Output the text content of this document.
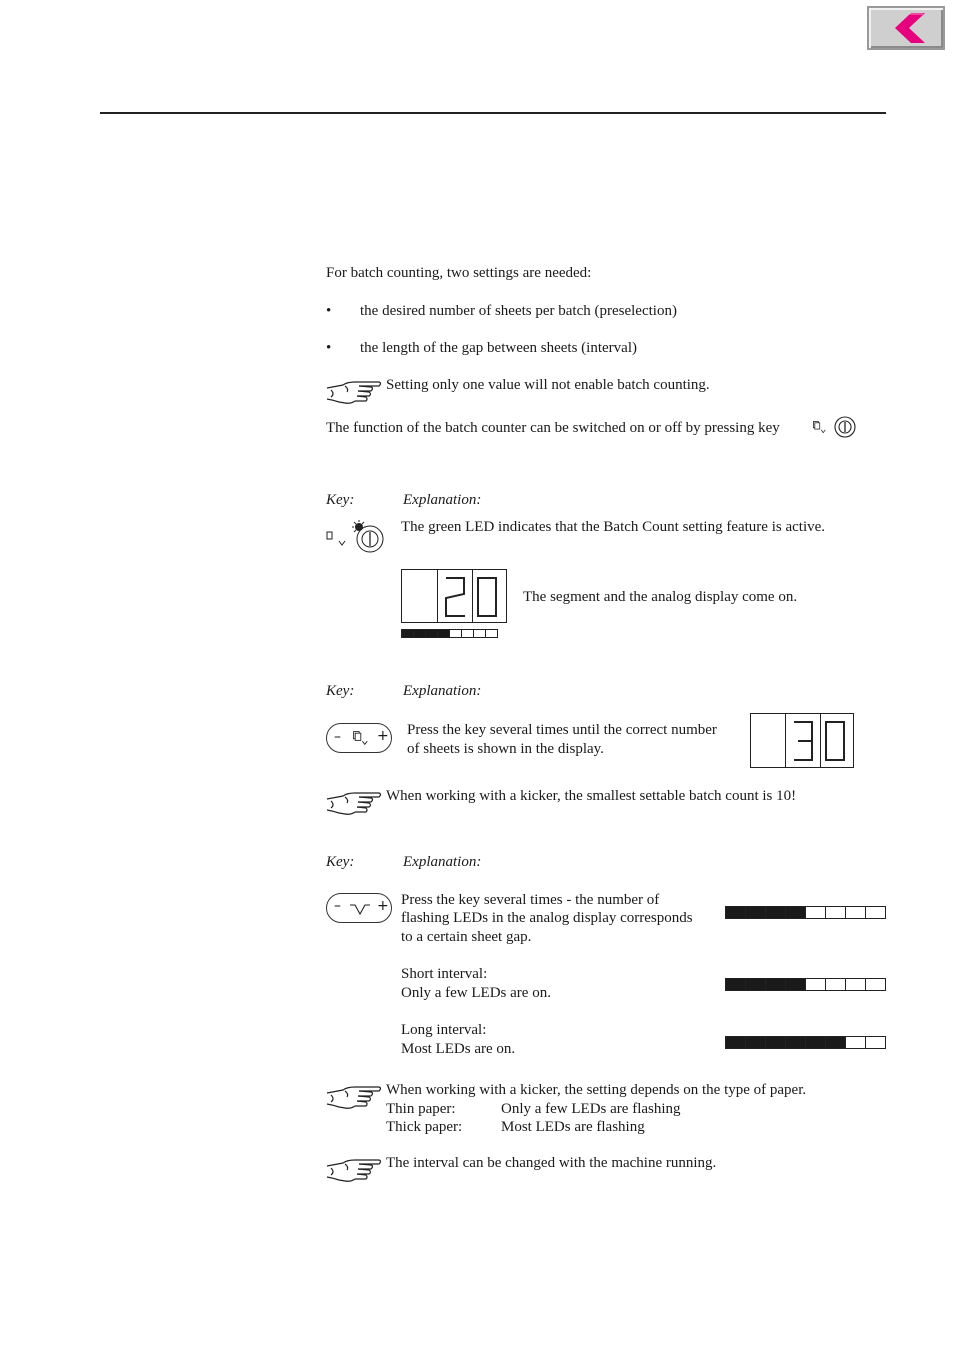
For batch counting, two settings are needed:
• the desired number of sheets per batch (preselection)
• the length of the gap between sheets (interval)
Setting only one value will not enable batch counting.
The function of the batch counter can be switched on or off by pressing key
Key:	Explanation:
The green LED indicates that the Batch Count setting feature is active.
The segment and the analog display come on.
Key:	Explanation:
–	+ Press the key several times until the correct number
of sheets is shown in the display.
When working with a kicker, the smallest settable batch count is 10!
Key:	Explanation:
–	+ Press the key several times - the number of
flashing LEDs in the analog display corresponds
to a certain sheet gap.
Short interval:
Only a few LEDs are on.
Long interval:
Most LEDs are on.
When working with a kicker, the setting depends on the type of paper.
Thin paper:	Only a few LEDs are flashing
Thick paper:	Most LEDs are flashing
The interval can be changed with the machine running.
